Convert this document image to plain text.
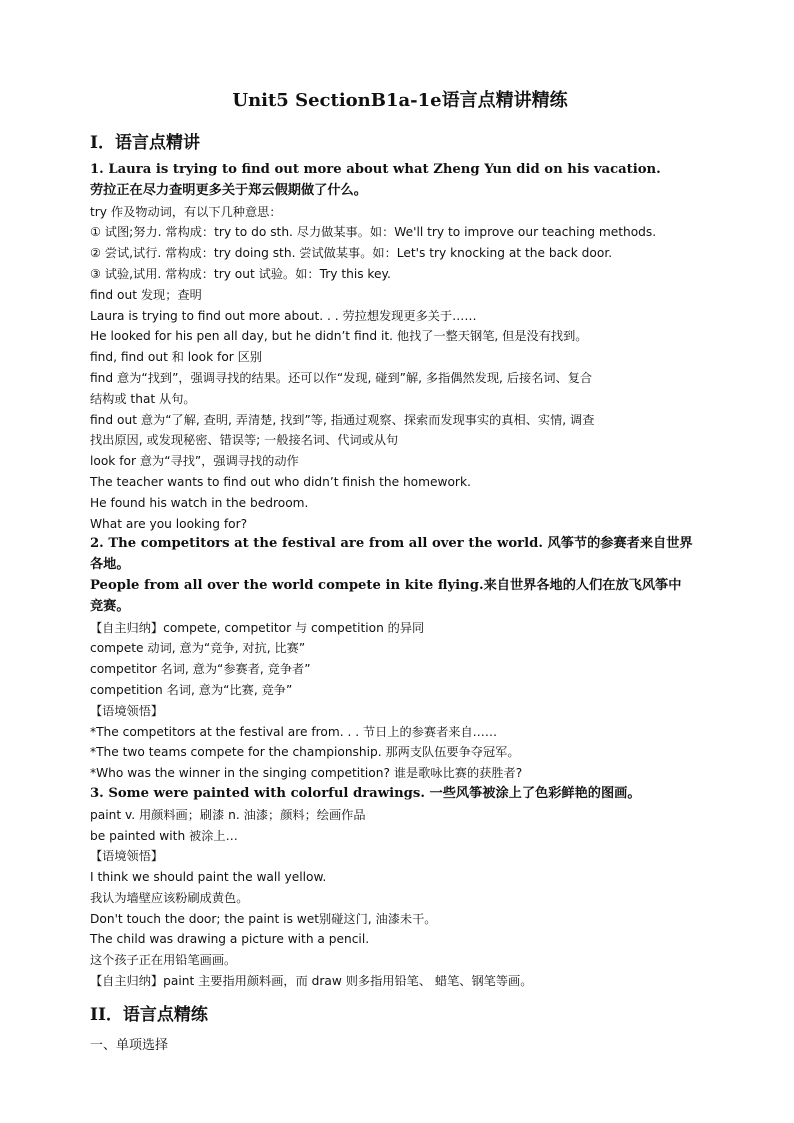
Unit5 SectionB1a-1e语言点精讲精练
I．语言点精讲
1. Laura is trying to find out more about what Zheng Yun did on his vacation.
劳拉正在尽力查明更多关于郑云假期做了什么。
try 作及物动词，有以下几种意思：
① 试图;努力. 常构成：try to do sth. 尽力做某事。如：We'll try to improve our teaching methods.
② 尝试,试行. 常构成：try doing sth. 尝试做某事。如：Let's try knocking at the back door.
③ 试验,试用. 常构成：try out 试验。如：Try this key.
find out 发现；查明
Laura is trying to find out more about. . . 劳拉想发现更多关于……
He looked for his pen all day, but he didn’t find it. 他找了一整天钢笔, 但是没有找到。
find, find out 和 look for 区别
find 意为“找到”，强调寻找的结果。还可以作“发现, 碰到”解, 多指偶然发现, 后接名词、复合
结构或 that 从句。
find out 意为“了解, 查明, 弄清楚, 找到”等, 指通过观察、探索而发现事实的真相、实情, 调查
找出原因, 或发现秘密、错误等; 一般接名词、代词或从句
look for 意为“寻找”，强调寻找的动作
The teacher wants to find out who didn’t finish the homework.
He found his watch in the bedroom.
What are you looking for?
2. The competitors at the festival are from all over the world. 风筝节的参赛者来自世界
各地。
People from all over the world compete in kite flying.来自世界各地的人们在放飞风筝中
竞赛。
【自主归纳】compete, competitor 与 competition 的异同
compete 动词, 意为“竞争, 对抗, 比赛”
competitor 名词, 意为“参赛者, 竞争者”
competition 名词, 意为“比赛, 竞争”
【语境领悟】
*The competitors at the festival are from. . . 节日上的参赛者来自……
*The two teams compete for the championship. 那两支队伍要争夺冠军。
*Who was the winner in the singing competition? 谁是歌咏比赛的获胜者?
3. Some were painted with colorful drawings. 一些风筝被涂上了色彩鲜艳的图画。
paint v. 用颜料画；刷漆 n. 油漆；颜料；绘画作品
be painted with 被涂上…
【语境领悟】
I think we should paint the wall yellow.
我认为墙壁应该粉刷成黄色。
Don't touch the door; the paint is wet别碰这门, 油漆未干。
The child was drawing a picture with a pencil.
这个孩子正在用铅笔画画。
【自主归纳】paint 主要指用颜料画，而 draw 则多指用铅笔、 蜡笔、钢笔等画。
II．语言点精练
一、单项选择
